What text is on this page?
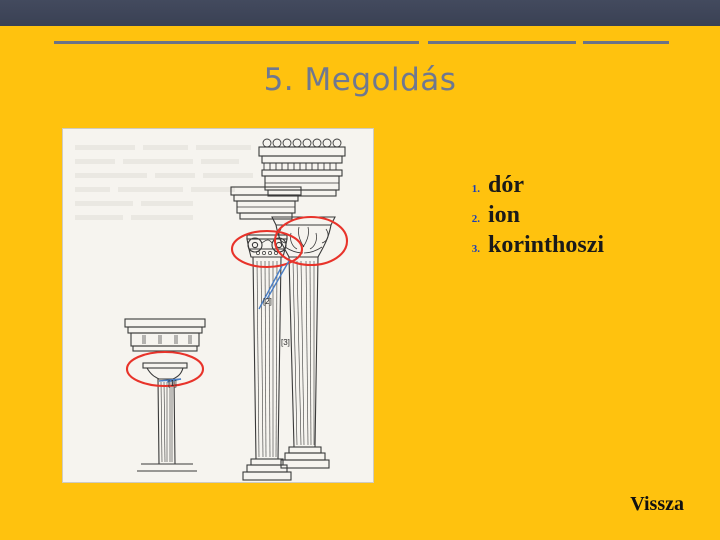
5. Megoldás
[2]
[3]
[1]
1. dór
2. ion
3. korinthoszi
Vissza
